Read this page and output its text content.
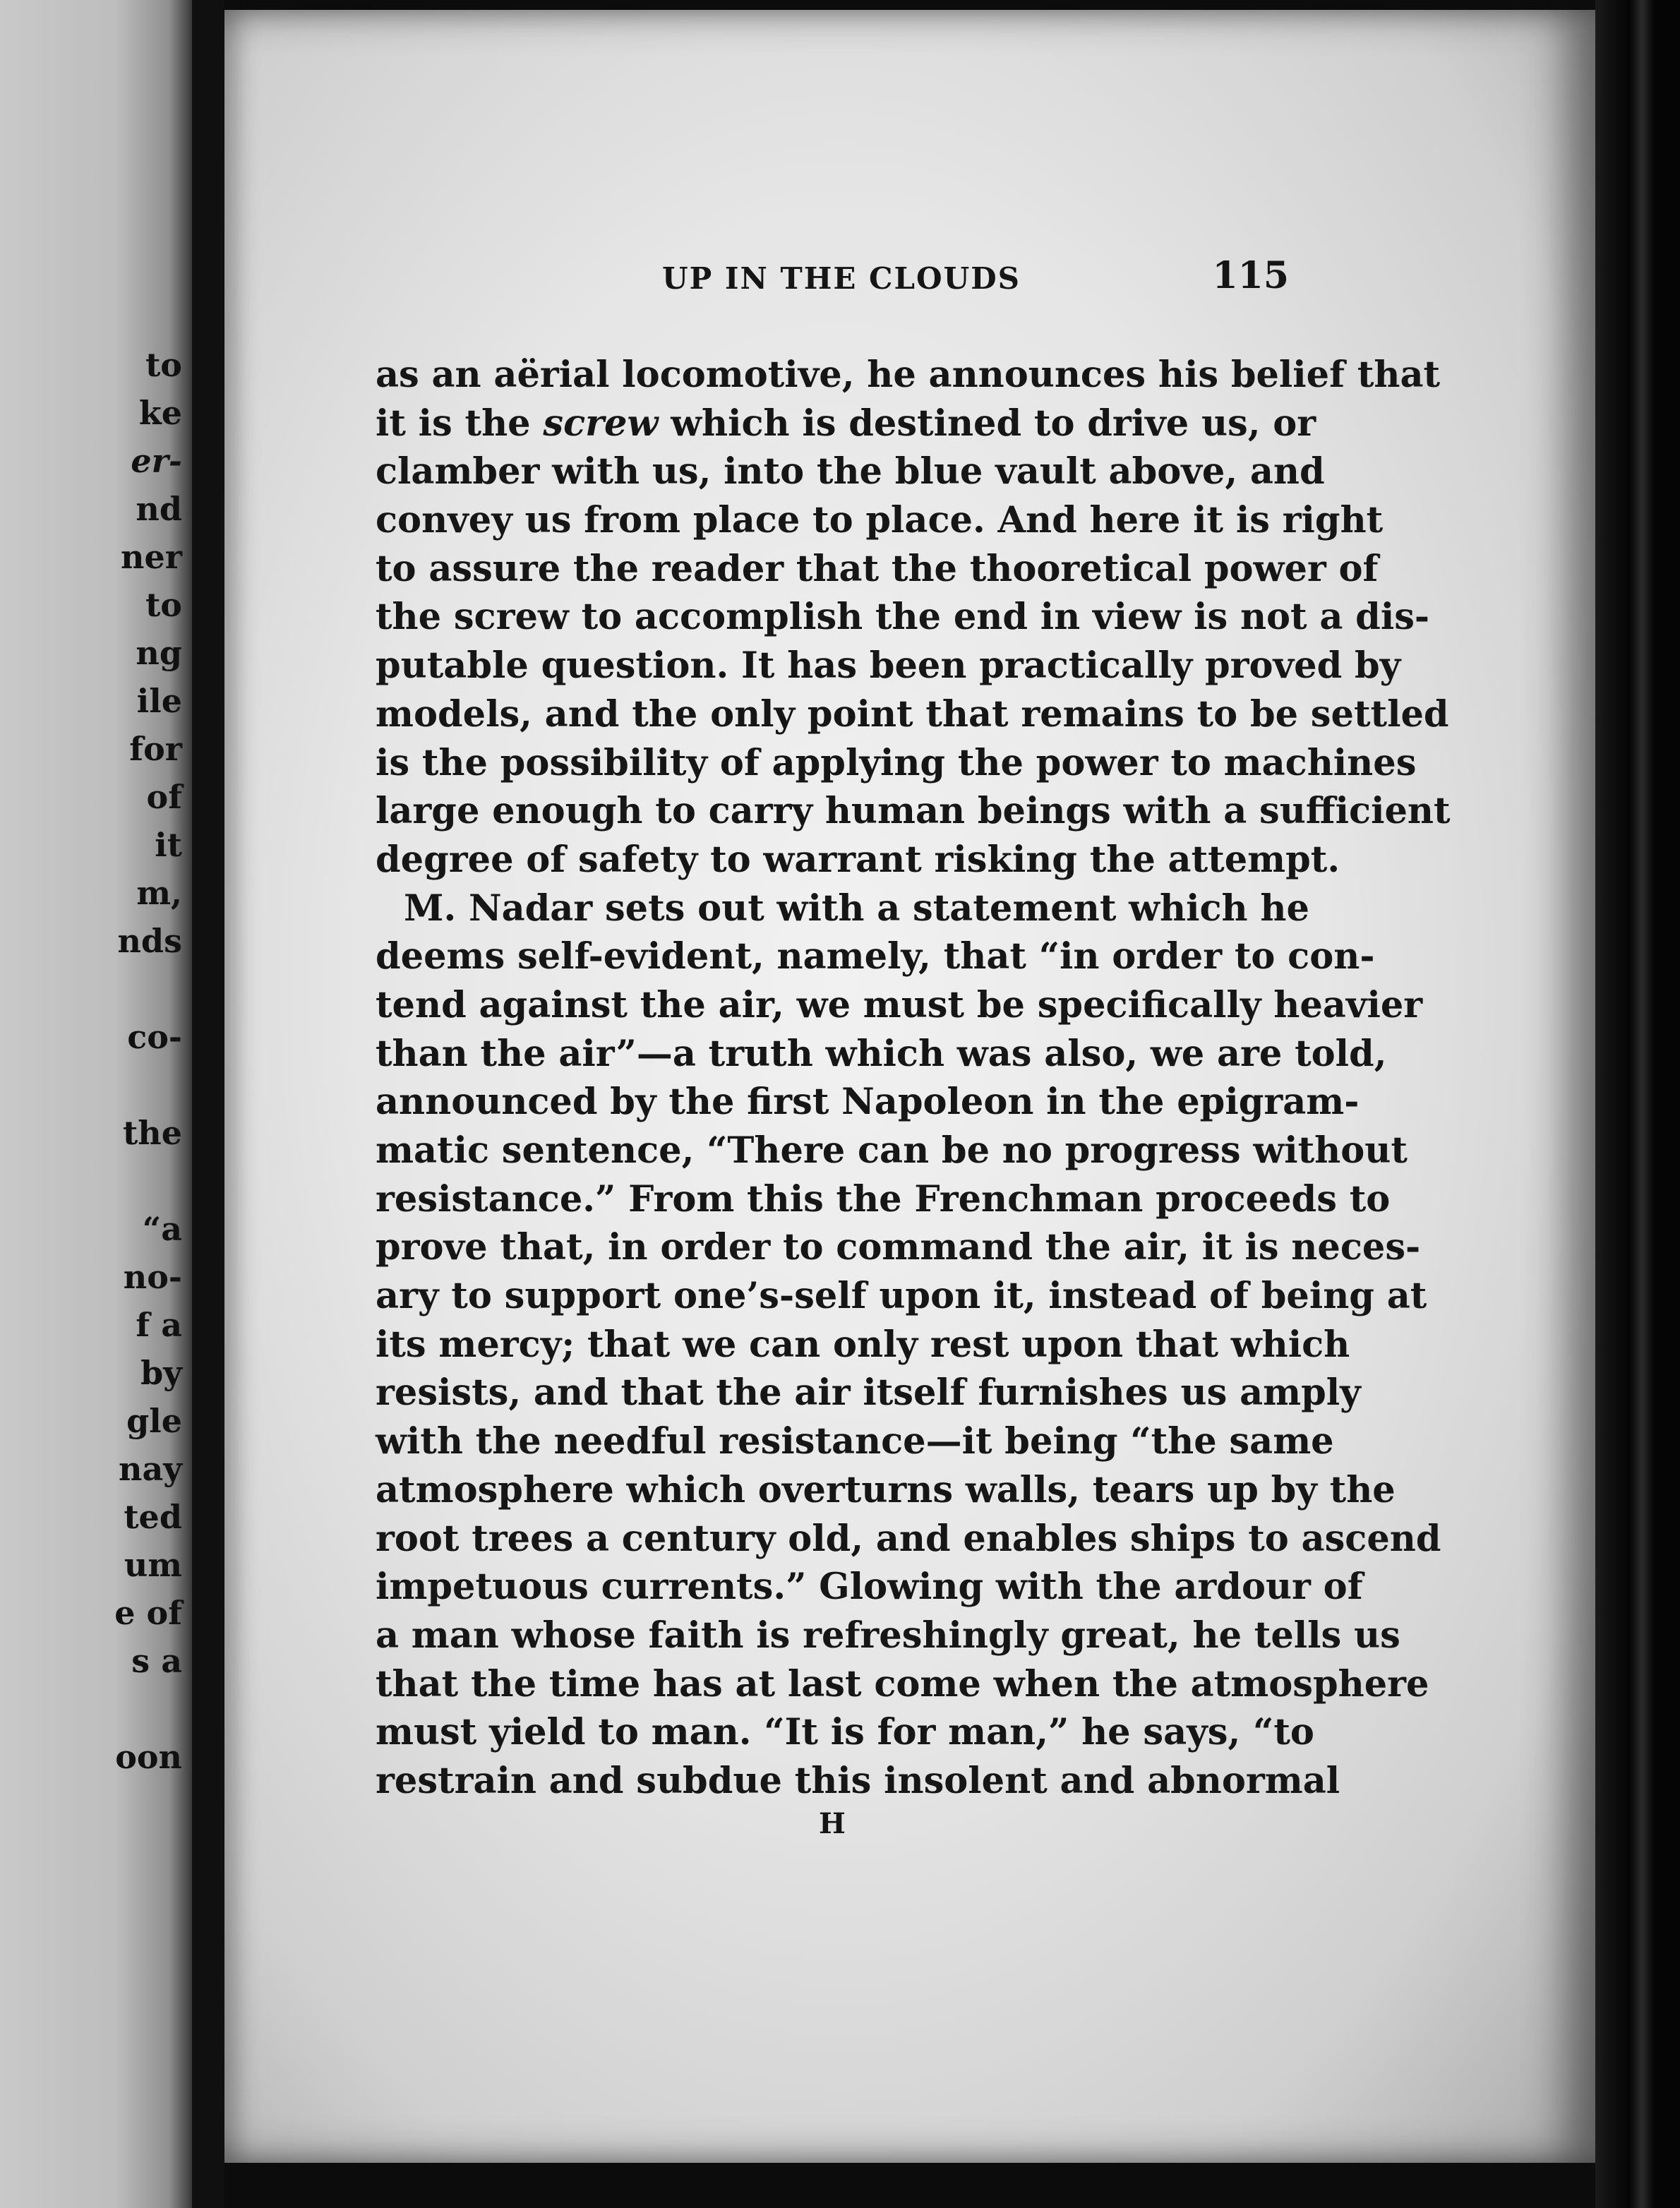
to
ke
er-
nd
ner
to
ng
ile
for
of
it
m,
nds
co-
the
“a
no-
f a
by
gle
nay
ted
um
e of
s a
oon
UP IN THE CLOUDS	115
as an aërial locomotive, he announces his belief that
it is the screw which is destined to drive us, or
clamber with us, into the blue vault above, and
convey us from place to place. And here it is right
to assure the reader that the thooretical power of
the screw to accomplish the end in view is not a dis-
putable question. It has been practically proved by
models, and the only point that remains to be settled
is the possibility of applying the power to machines
large enough to carry human beings with a sufficient
degree of safety to warrant risking the attempt.
M. Nadar sets out with a statement which he
deems self-evident, namely, that “in order to con-
tend against the air, we must be specifically heavier
than the air”—a truth which was also, we are told,
announced by the first Napoleon in the epigram-
matic sentence, “There can be no progress without
resistance.” From this the Frenchman proceeds to
prove that, in order to command the air, it is neces-
ary to support one’s-self upon it, instead of being at
its mercy; that we can only rest upon that which
resists, and that the air itself furnishes us amply
with the needful resistance—it being “the same
atmosphere which overturns walls, tears up by the
root trees a century old, and enables ships to ascend
impetuous currents.” Glowing with the ardour of
a man whose faith is refreshingly great, he tells us
that the time has at last come when the atmosphere
must yield to man. “It is for man,” he says, “to
restrain and subdue this insolent and abnormal
H
